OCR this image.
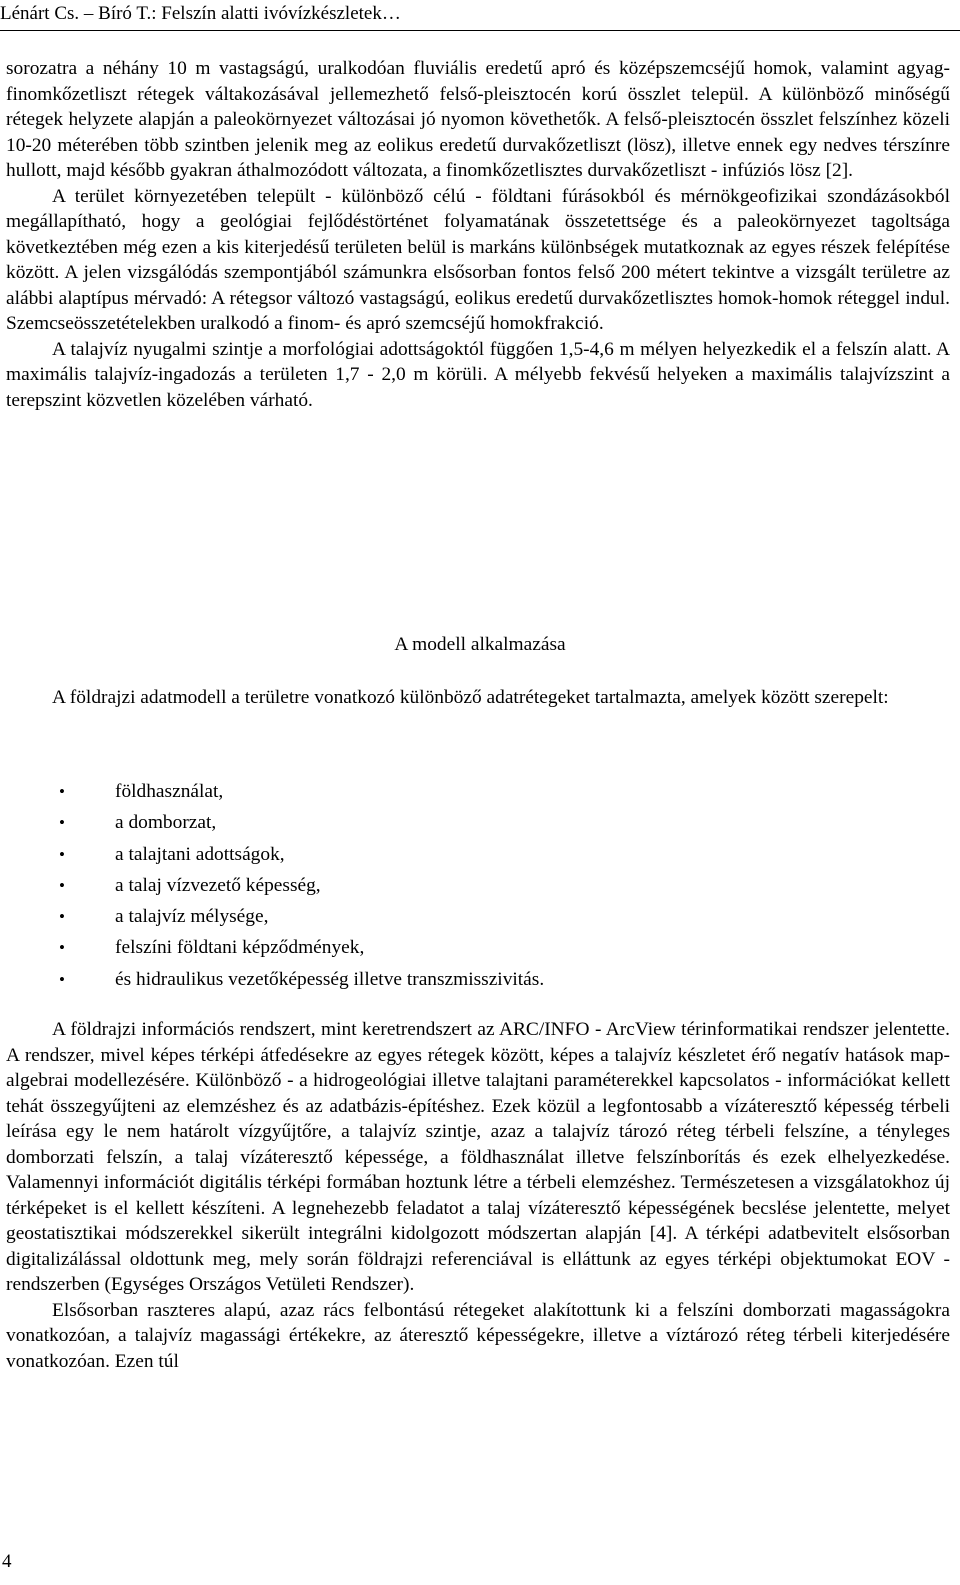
Lénárt Cs. – Bíró T.: Felszín alatti ivóvízkészletek…

sorozatra a néhány 10 m vastagságú, uralkodóan fluviális eredetű apró és középszemcséjű homok, valamint agyag-finomkőzetliszt rétegek váltakozásával jellemezhető felső-pleisztocén korú összlet települ. A különböző minőségű rétegek helyzete alapján a paleokörnyezet változásai jó nyomon követhetők. A felső-pleisztocén összlet felszínhez közeli 10-20 méterében több szintben jelenik meg az eolikus eredetű durvakőzetliszt (lösz), illetve ennek egy nedves térszínre hullott, majd később gyakran áthalmozódott változata, a finomkőzetlisztes durvakőzetliszt - infúziós lösz [2].

A terület környezetében települt - különböző célú - földtani fúrásokból és mérnökgeofizikai szondázásokból megállapítható, hogy a geológiai fejlődéstörténet folyamatának összetettsége és a paleokörnyezet tagoltsága következtében még ezen a kis kiterjedésű területen belül is markáns különbségek mutatkoznak az egyes részek felépítése között. A jelen vizsgálódás szempontjából számunkra elsősorban fontos felső 200 métert tekintve a vizsgált területre az alábbi alaptípus mérvadó: A rétegsor változó vastagságú, eolikus eredetű durvakőzetlisztes homok-homok réteggel indul. Szemcseösszetételekben uralkodó a finom- és apró szemcséjű homokfrakció.

A talajvíz nyugalmi szintje a morfológiai adottságoktól függően 1,5-4,6 m mélyen helyezkedik el a felszín alatt. A maximális talajvíz-ingadozás a területen 1,7 - 2,0 m körüli. A mélyebb fekvésű helyeken a maximális talajvízszint a terepszint közvetlen közelében várható.

A modell alkalmazása

A földrajzi adatmodell a területre vonatkozó különböző adatrétegeket tartalmazta, amelyek között szerepelt:

•	földhasználat,
•	a domborzat,
•	a talajtani adottságok,
•	a talaj vízvezető képesség,
•	a talajvíz mélysége,
•	felszíni földtani képződmények,
•	és hidraulikus vezetőképesség illetve transzmisszivitás.

A földrajzi információs rendszert, mint keretrendszert az ARC/INFO - ArcView térinformatikai rendszer jelentette. A rendszer, mivel képes térképi átfedésekre az egyes rétegek között, képes a talajvíz készletet érő negatív hatások map-algebrai modellezésére. Különböző - a hidrogeológiai illetve talajtani paraméterekkel kapcsolatos - információkat kellett tehát összegyűjteni az elemzéshez és az adatbázis-építéshez. Ezek közül a legfontosabb a vízáteresztő képesség térbeli leírása egy le nem határolt vízgyűjtőre, a talajvíz szintje, azaz a talajvíz tározó réteg térbeli felszíne, a tényleges domborzati felszín, a talaj vízáteresztő képessége, a földhasználat illetve felszínborítás és ezek elhelyezkedése. Valamennyi információt digitális térképi formában hoztunk létre a térbeli elemzéshez. Természetesen a vizsgálatokhoz új térképeket is el kellett készíteni. A legnehezebb feladatot a talaj vízáteresztő képességének becslése jelentette, melyet geostatisztikai módszerekkel sikerült integrálni kidolgozott módszertan alapján [4]. A térképi adatbevitelt elsősorban digitalizálással oldottunk meg, mely során földrajzi referenciával is elláttunk az egyes térképi objektumokat EOV - rendszerben (Egységes Országos Vetületi Rendszer).

Elsősorban raszteres alapú, azaz rács felbontású rétegeket alakítottunk ki a felszíni domborzati magasságokra vonatkozóan, a talajvíz magassági értékekre, az áteresztő képességekre, illetve a víztározó réteg térbeli kiterjedésére vonatkozóan. Ezen túl

4
